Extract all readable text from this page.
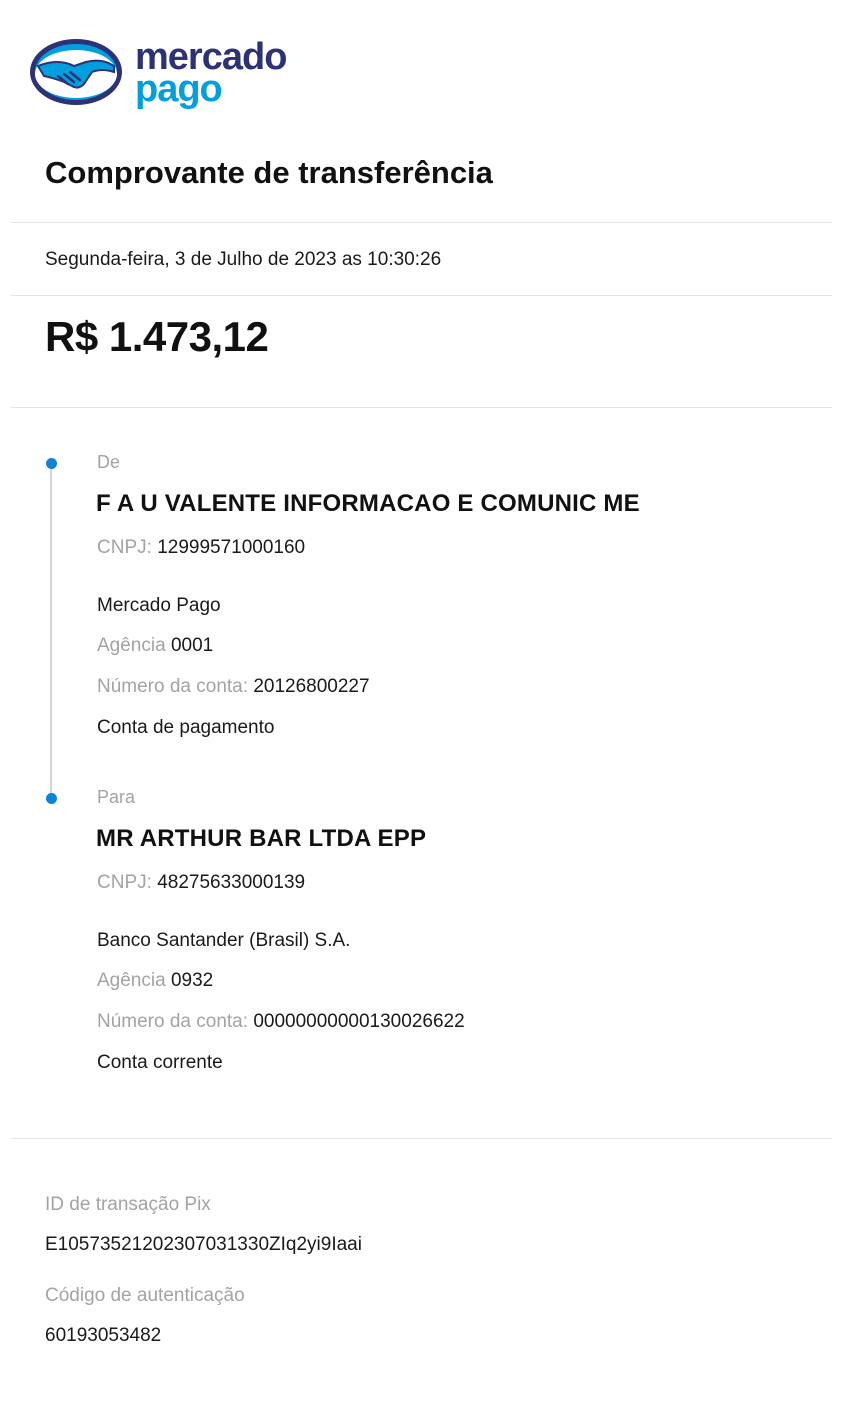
mercado
pago
Comprovante de transferência
Segunda-feira, 3 de Julho de 2023 as 10:30:26
R$ 1.473,12
De
F A U VALENTE INFORMACAO E COMUNIC ME
CNPJ: 12999571000160
Mercado Pago
Agência 0001
Número da conta: 20126800227
Conta de pagamento
Para
MR ARTHUR BAR LTDA EPP
CNPJ: 48275633000139
Banco Santander (Brasil) S.A.
Agência 0932
Número da conta: 00000000000130026622
Conta corrente
ID de transação Pix
E10573521202307031330ZIq2yi9Iaai
Código de autenticação
60193053482
